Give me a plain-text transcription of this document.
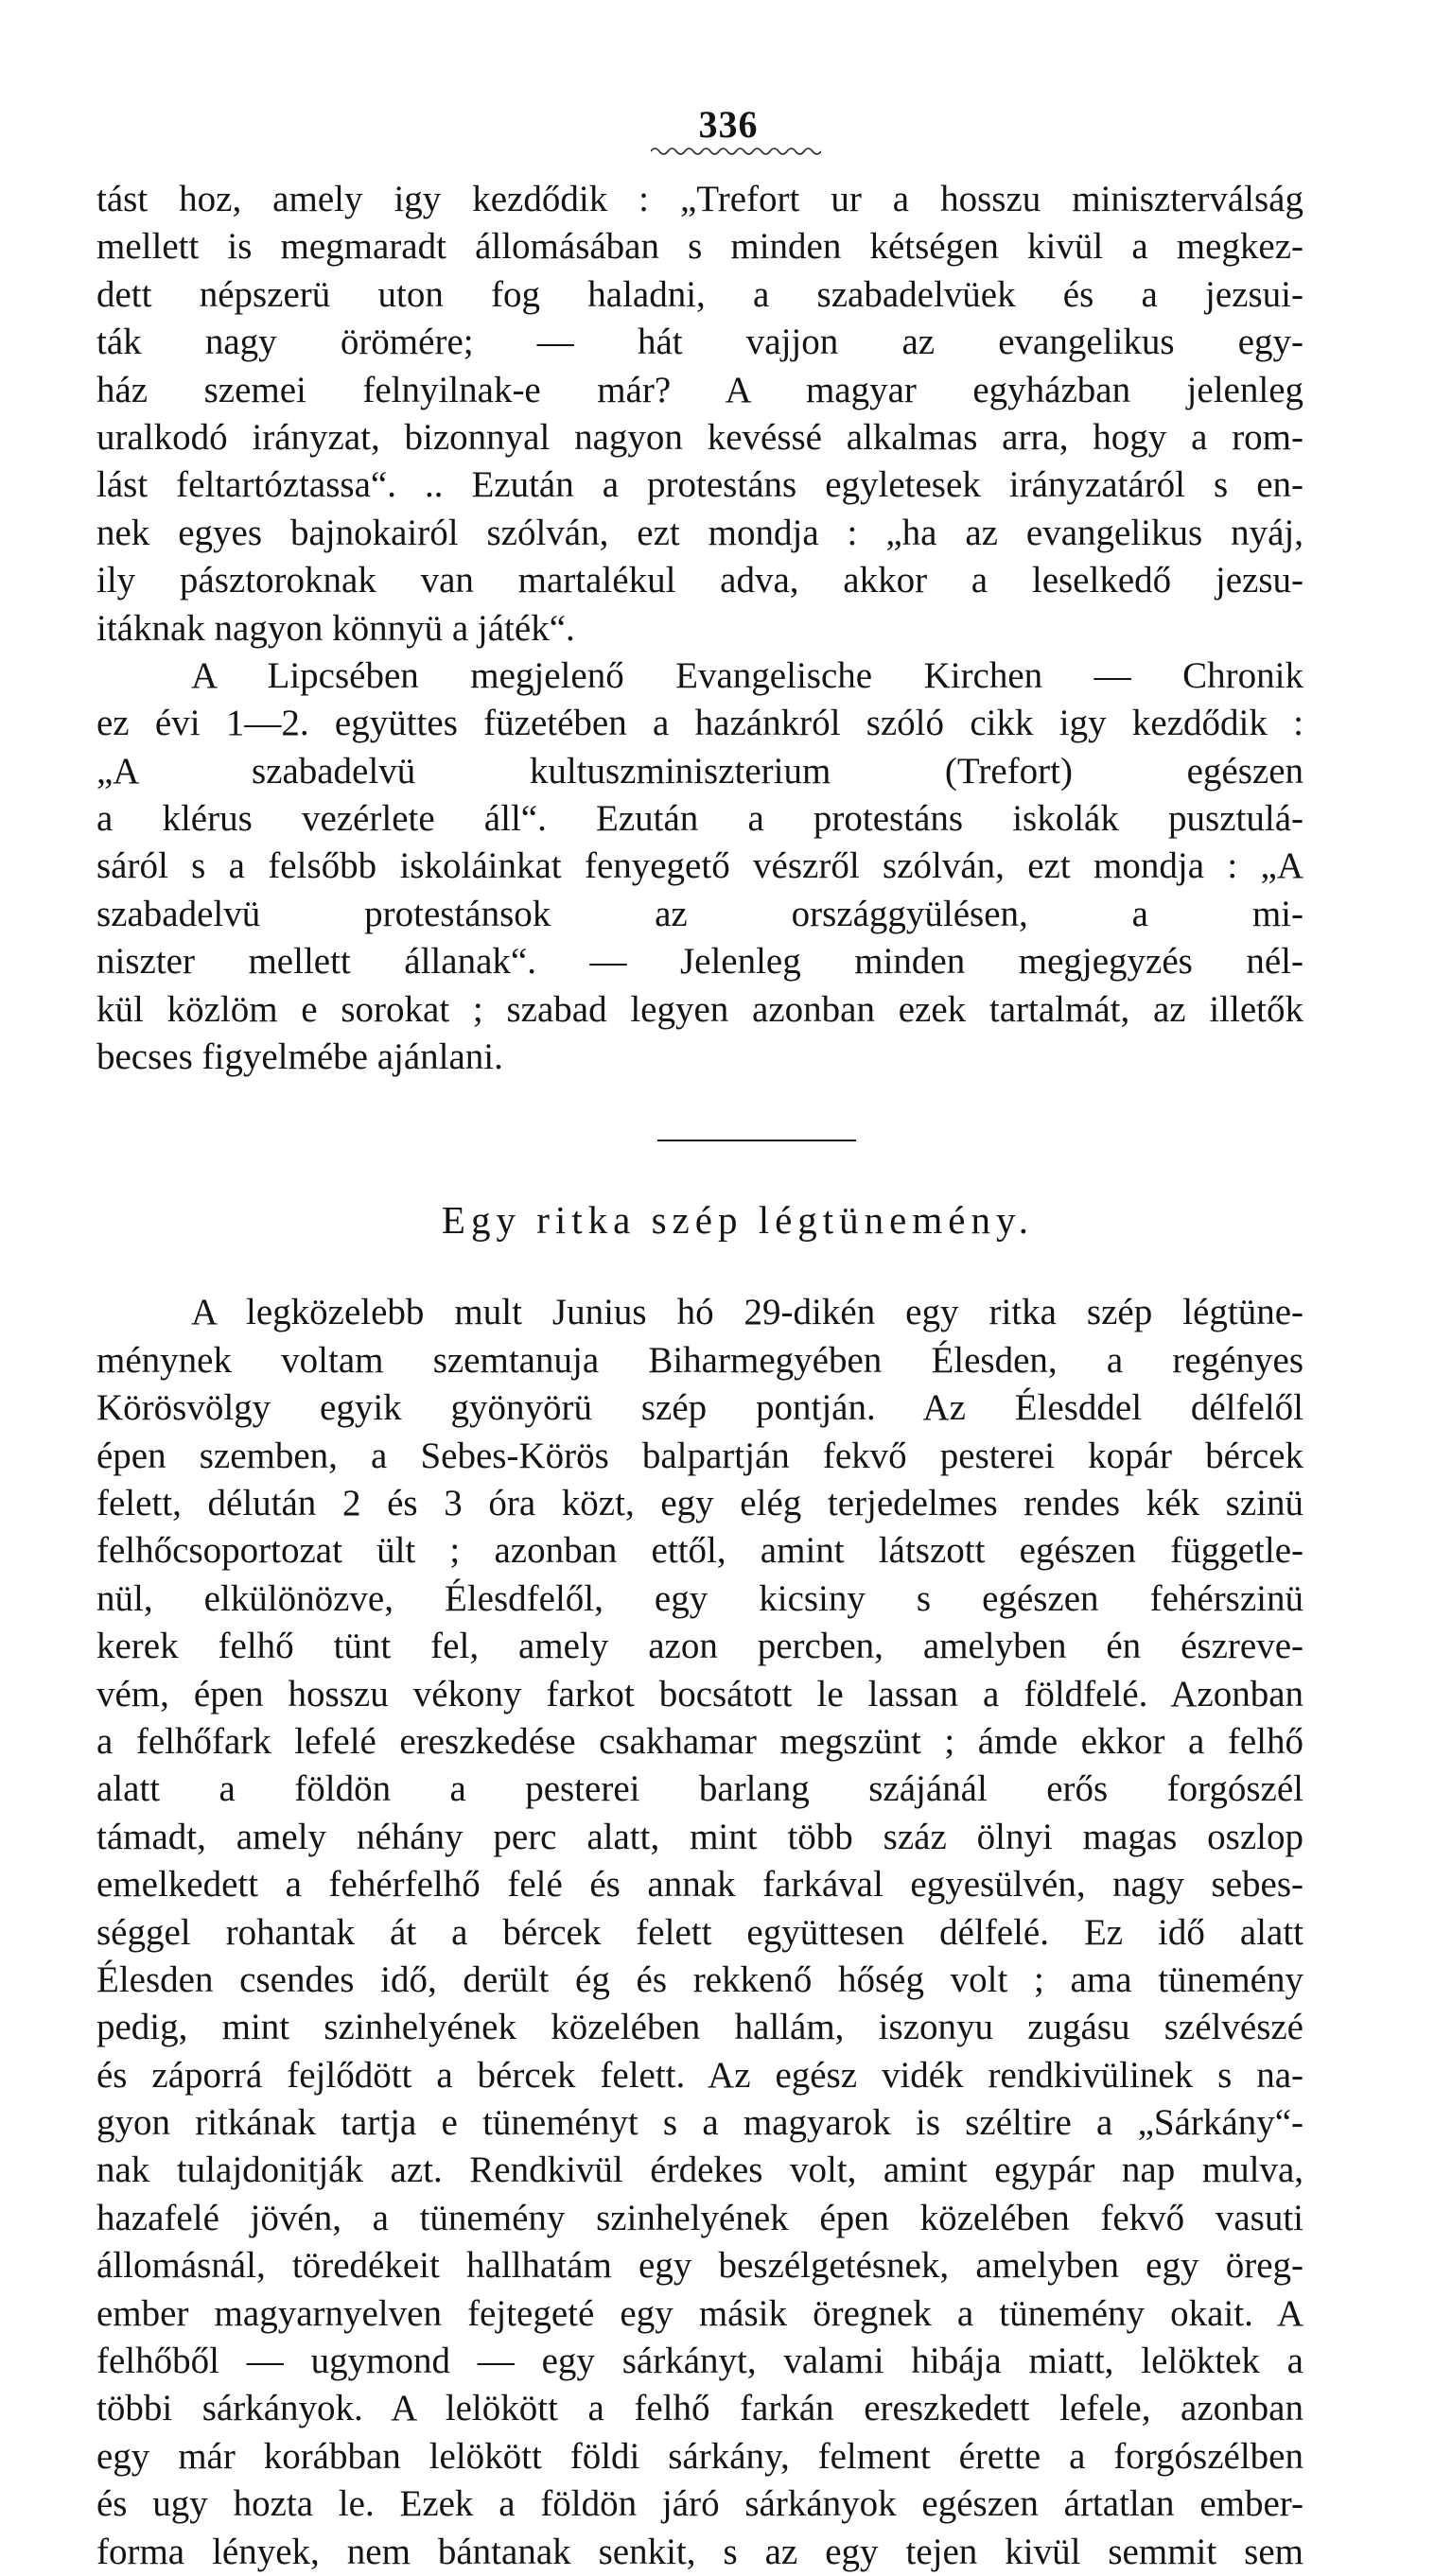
336
tást hoz, amely igy kezdődik : „Trefort ur a hosszu miniszterválság
mellett is megmaradt állomásában s minden kétségen kivül a megkez-
dett népszerü uton fog haladni, a szabadelvüek és a jezsui-
ták nagy örömére; — hát vajjon az evangelikus egy-
ház szemei felnyilnak-e már? A magyar egyházban jelenleg
uralkodó irányzat, bizonnyal nagyon kevéssé alkalmas arra, hogy a rom-
lást feltartóztassa“. .. Ezután a protestáns egyletesek irányzatáról s en-
nek egyes bajnokairól szólván, ezt mondja : „ha az evangelikus nyáj,
ily pásztoroknak van martalékul adva, akkor a leselkedő jezsu-
itáknak nagyon könnyü a játék“.
A Lipcsében megjelenő Evangelische Kirchen — Chronik
ez évi 1—2. együttes füzetében a hazánkról szóló cikk igy kezdődik :
„A szabadelvü kultuszminiszterium (Trefort) egészen
a klérus vezérlete áll“. Ezután a protestáns iskolák pusztulá-
sáról s a felsőbb iskoláinkat fenyegető vészről szólván, ezt mondja : „A
szabadelvü protestánsok az országgyülésen, a mi-
niszter mellett állanak“. — Jelenleg minden megjegyzés nél-
kül közlöm e sorokat ; szabad legyen azonban ezek tartalmát, az illetők
becses figyelmébe ajánlani.
Egy ritka szép légtünemény.
A legközelebb mult Junius hó 29-dikén egy ritka szép légtüne-
ménynek voltam szemtanuja Biharmegyében Élesden, a regényes
Körösvölgy egyik gyönyörü szép pontján. Az Élesddel délfelől
épen szemben, a Sebes-Körös balpartján fekvő pesterei kopár bércek
felett, délután 2 és 3 óra közt, egy elég terjedelmes rendes kék szinü
felhőcsoportozat ült ; azonban ettől, amint látszott egészen függetle-
nül, elkülönözve, Élesdfelől, egy kicsiny s egészen fehérszinü
kerek felhő tünt fel, amely azon percben, amelyben én észreve-
vém, épen hosszu vékony farkot bocsátott le lassan a földfelé. Azonban
a felhőfark lefelé ereszkedése csakhamar megszünt ; ámde ekkor a felhő
alatt a földön a pesterei barlang szájánál erős forgószél
támadt, amely néhány perc alatt, mint több száz ölnyi magas oszlop
emelkedett a fehérfelhő felé és annak farkával egyesülvén, nagy sebes-
séggel rohantak át a bércek felett együttesen délfelé. Ez idő alatt
Élesden csendes idő, derült ég és rekkenő hőség volt ; ama tünemény
pedig, mint szinhelyének közelében hallám, iszonyu zugásu szélvészé
és záporrá fejlődött a bércek felett. Az egész vidék rendkivülinek s na-
gyon ritkának tartja e tüneményt s a magyarok is széltire a „Sárkány“-
nak tulajdonitják azt. Rendkivül érdekes volt, amint egypár nap mulva,
hazafelé jövén, a tünemény szinhelyének épen közelében fekvő vasuti
állomásnál, töredékeit hallhatám egy beszélgetésnek, amelyben egy öreg-
ember magyarnyelven fejtegeté egy másik öregnek a tünemény okait. A
felhőből — ugymond — egy sárkányt, valami hibája miatt, lelöktek a
többi sárkányok. A lelökött a felhő farkán ereszkedett lefele, azonban
egy már korábban lelökött földi sárkány, felment érette a forgószélben
és ugy hozta le. Ezek a földön járó sárkányok egészen ártatlan ember-
forma lények, nem bántanak senkit, s az egy tejen kivül semmit sem
